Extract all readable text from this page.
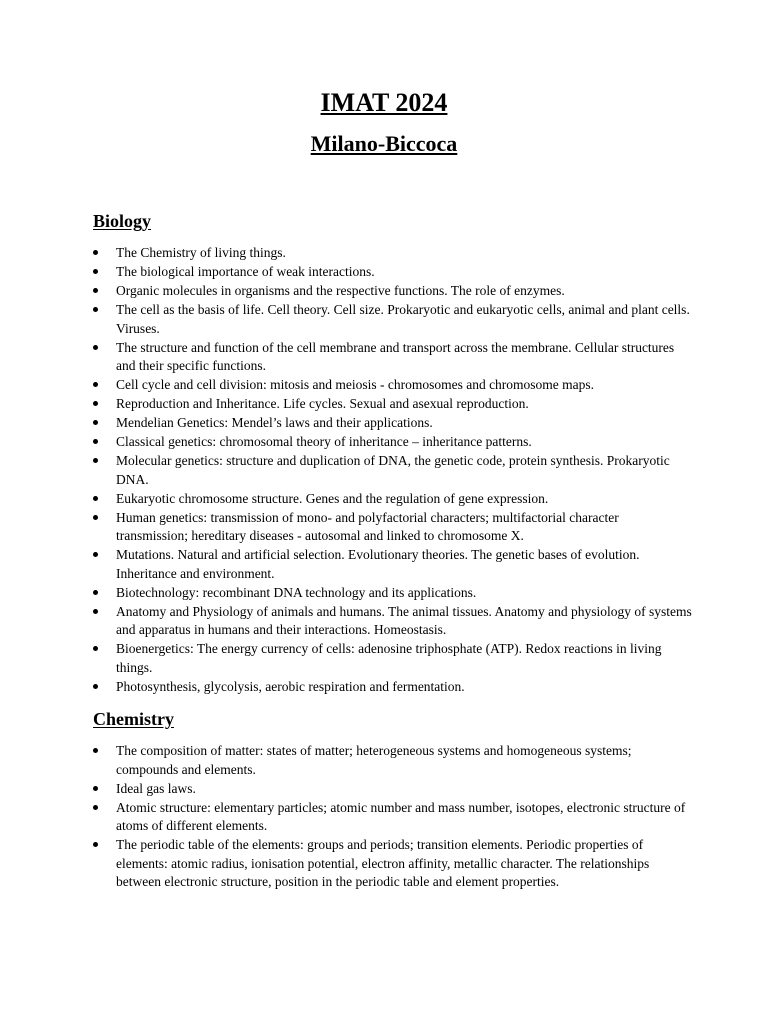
IMAT 2024
Milano-Biccoca
Biology
The Chemistry of living things.
The biological importance of weak interactions.
Organic molecules in organisms and the respective functions. The role of enzymes.
The cell as the basis of life. Cell theory. Cell size. Prokaryotic and eukaryotic cells, animal and plant cells. Viruses.
The structure and function of the cell membrane and transport across the membrane. Cellular structures and their specific functions.
Cell cycle and cell division: mitosis and meiosis - chromosomes and chromosome maps.
Reproduction and Inheritance. Life cycles. Sexual and asexual reproduction.
Mendelian Genetics: Mendel’s laws and their applications.
Classical genetics: chromosomal theory of inheritance – inheritance patterns.
Molecular genetics: structure and duplication of DNA, the genetic code, protein synthesis. Prokaryotic DNA.
Eukaryotic chromosome structure. Genes and the regulation of gene expression.
Human genetics: transmission of mono- and polyfactorial characters; multifactorial character transmission; hereditary diseases - autosomal and linked to chromosome X.
Mutations. Natural and artificial selection. Evolutionary theories. The genetic bases of evolution. Inheritance and environment.
Biotechnology: recombinant DNA technology and its applications.
Anatomy and Physiology of animals and humans. The animal tissues. Anatomy and physiology of systems and apparatus in humans and their interactions. Homeostasis.
Bioenergetics: The energy currency of cells: adenosine triphosphate (ATP). Redox reactions in living things.
Photosynthesis, glycolysis, aerobic respiration and fermentation.
Chemistry
The composition of matter: states of matter; heterogeneous systems and homogeneous systems; compounds and elements.
Ideal gas laws.
Atomic structure: elementary particles; atomic number and mass number, isotopes, electronic structure of atoms of different elements.
The periodic table of the elements: groups and periods; transition elements. Periodic properties of elements: atomic radius, ionisation potential, electron affinity, metallic character. The relationships between electronic structure, position in the periodic table and element properties.
